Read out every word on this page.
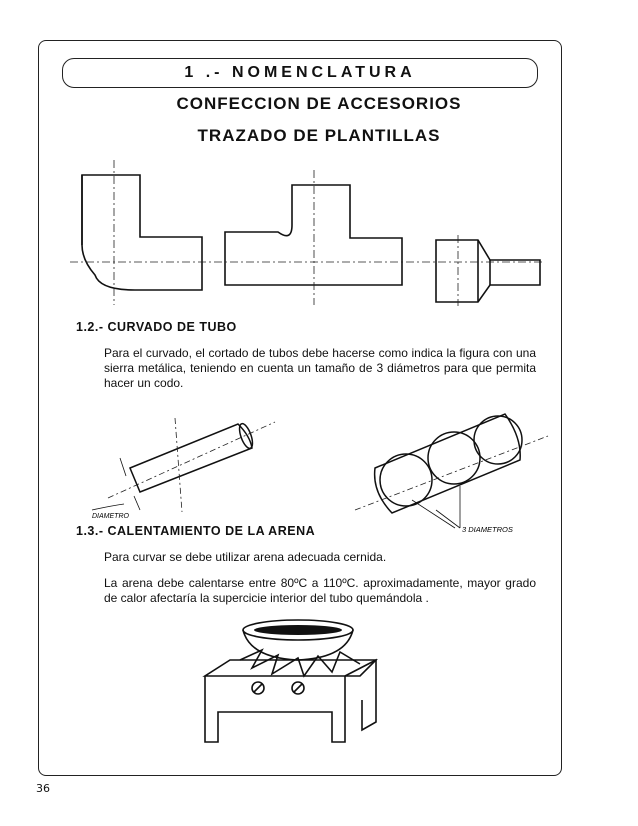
1 .- NOMENCLATURA
CONFECCION DE ACCESORIOS
TRAZADO DE PLANTILLAS
DIAMETRO
3 DIAMETROS
1.2.- CURVADO DE TUBO
Para el curvado, el cortado de tubos debe hacerse como indica la figura con una sierra metálica, teniendo en cuenta un tamaño de 3 diámetros para que permita hacer un codo.
1.3.- CALENTAMIENTO DE LA ARENA
Para curvar se debe utilizar arena adecuada cernida.
La arena debe calentarse entre 80ºC a 110ºC. aproximadamente, mayor grado de calor afectaría la supercicie interior del tubo quemándola .
36
